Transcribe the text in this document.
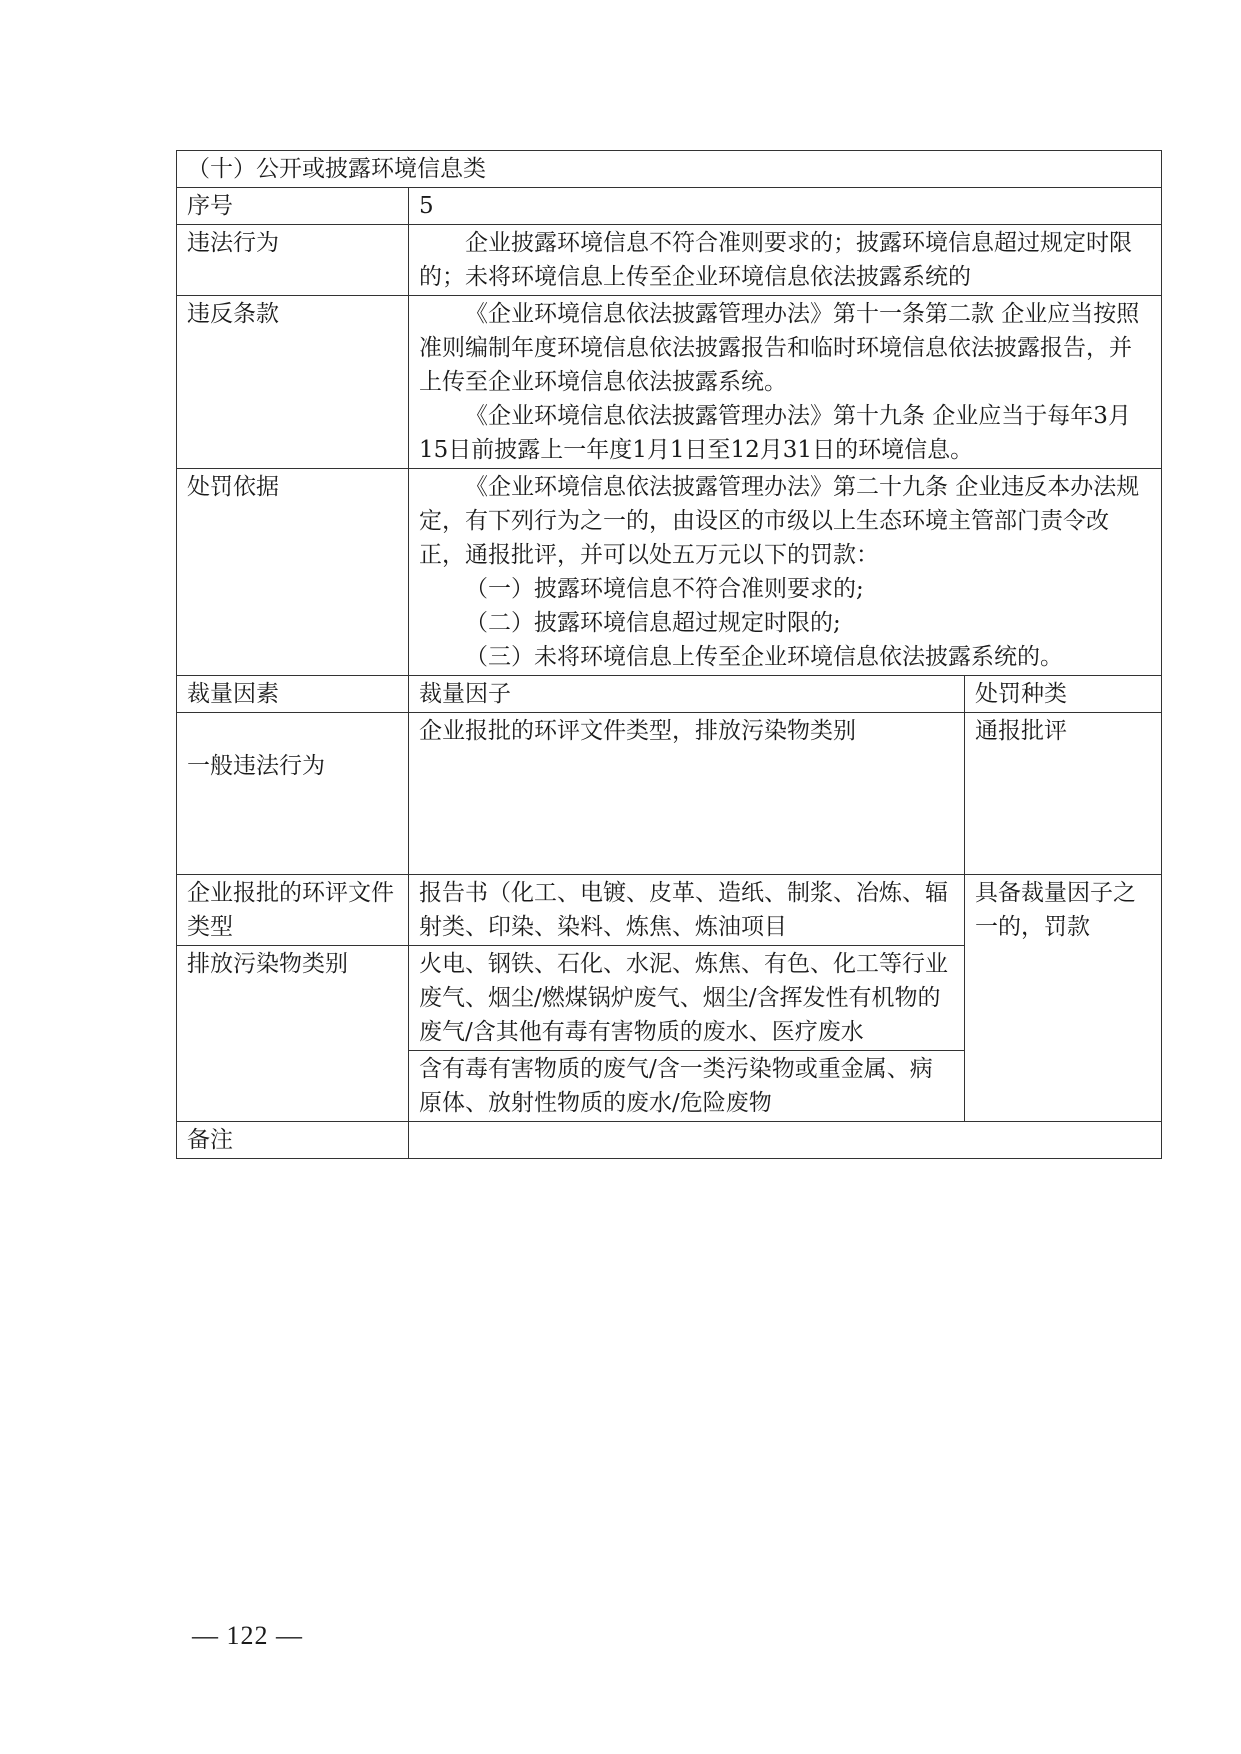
（十）公开或披露环境信息类		
序号	5	
违法行为	企业披露环境信息不符合准则要求的；披露环境信息超过规定时限的；未将环境信息上传至企业环境信息依法披露系统的	

违反条款	《企业环境信息依法披露管理办法》第十一条第二款 企业应当按照准则编制年度环境信息依法披露报告和临时环境信息依法披露报告，并上传至企业环境信息依法披露系统。

《企业环境信息依法披露管理办法》第十九条 企业应当于每年3月15日前披露上一年度1月1日至12月31日的环境信息。	

处罚依据	《企业环境信息依法披露管理办法》第二十九条 企业违反本办法规定，有下列行为之一的，由设区的市级以上生态环境主管部门责令改正，通报批评，并可以处五万元以下的罚款：

（一）披露环境信息不符合准则要求的;

（二）披露环境信息超过规定时限的;

（三）未将环境信息上传至企业环境信息依法披露系统的。	

裁量因素	裁量因子	处罚种类
一般违法行为	企业报批的环评文件类型，排放污染物类别	通报批评
企业报批的环评文件类型	报告书（化工、电镀、皮革、造纸、制浆、冶炼、辐射类、印染、染料、炼焦、炼油项目	具备裁量因子之一的，罚款
排放污染物类别	火电、钢铁、石化、水泥、炼焦、有色、化工等行业废气、烟尘/燃煤锅炉废气、烟尘/含挥发性有机物的废气/含其他有毒有害物质的废水、医疗废水	
	含有毒有害物质的废气/含一类污染物或重金属、病原体、放射性物质的废水/危险废物	
备注		
— 122 —
